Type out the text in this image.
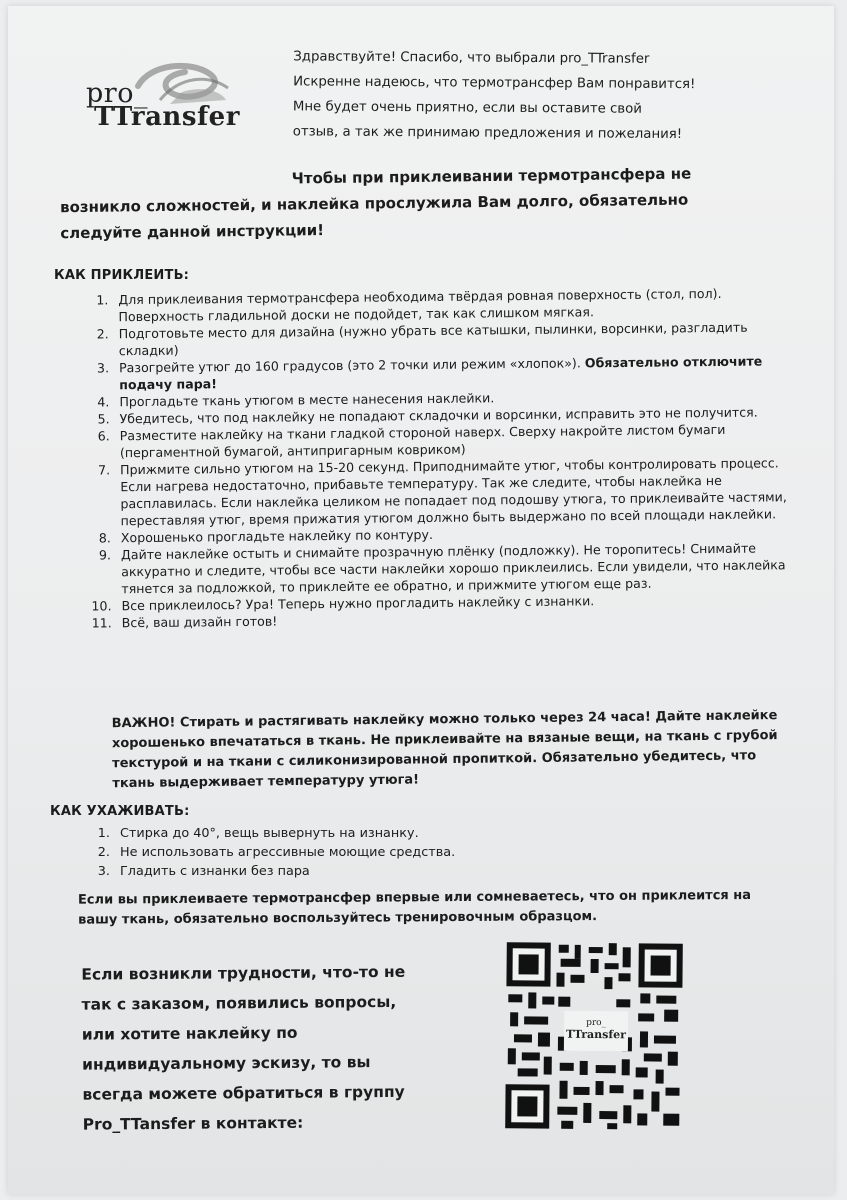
pro_
TTransfer

Здравствуйте! Спасибо, что выбрали pro_TTransfer

Искренне надеюсь, что термотрансфер Вам понравится!

Мне будет очень приятно, если вы оставите свой

отзыв, а так же принимаю предложения и пожелания!

Чтобы при приклеивании термотрансфера не

возникло сложностей, и наклейка прослужила Вам долго, обязательно

следуйте данной инструкции!

КАК ПРИКЛЕИТЬ:
1. Для приклеивания термотрансфера необходима твёрдая ровная поверхность (стол, пол). Поверхность гладильной доски не подойдет, так как слишком мягкая.
2. Подготовьте место для дизайна (нужно убрать все катышки, пылинки, ворсинки, разгладить складки)
3. Разогрейте утюг до 160 градусов (это 2 точки или режим «хлопок»). Обязательно отключите подачу пара!
4. Прогладьте ткань утюгом в месте нанесения наклейки.
5. Убедитесь, что под наклейку не попадают складочки и ворсинки, исправить это не получится.
6. Разместите наклейку на ткани гладкой стороной наверх. Сверху накройте листом бумаги (пергаментной бумагой, антипригарным ковриком)
7. Прижмите сильно утюгом на 15-20 секунд. Приподнимайте утюг, чтобы контролировать процесс. Если нагрева недостаточно, прибавьте температуру. Так же следите, чтобы наклейка не расплавилась. Если наклейка целиком не попадает под подошву утюга, то приклеивайте частями, переставляя утюг, время прижатия утюгом должно быть выдержано по всей площади наклейки.
8. Хорошенько прогладьте наклейку по контуру.
9. Дайте наклейке остыть и снимайте прозрачную плёнку (подложку). Не торопитесь! Снимайте аккуратно и следите, чтобы все части наклейки хорошо приклеились. Если увидели, что наклейка тянется за подложкой, то приклейте ее обратно, и прижмите утюгом еще раз.
10. Все приклеилось? Ура! Теперь нужно прогладить наклейку с изнанки.
11. Всё, ваш дизайн готов!

ВАЖНО! Стирать и растягивать наклейку можно только через 24 часа! Дайте наклейке

хорошенько впечататься в ткань. Не приклеивайте на вязаные вещи, на ткань с грубой

текстурой и на ткани с силиконизированной пропиткой. Обязательно убедитесь, что

ткань выдерживает температуру утюга!

КАК УХАЖИВАТЬ:
1. Стирка до 40°, вещь вывернуть на изнанку.
2. Не использовать агрессивные моющие средства.
3. Гладить с изнанки без пара

Если вы приклеиваете термотрансфер впервые или сомневаетесь, что он приклеится на

вашу ткань, обязательно воспользуйтесь тренировочным образцом.

Если возникли трудности, что-то не

так с заказом, появились вопросы,

или хотите наклейку по

индивидуальному эскизу, то вы

всегда можете обратиться в группу

Pro_TTansfer в контакте:

pro_
TTransfer
